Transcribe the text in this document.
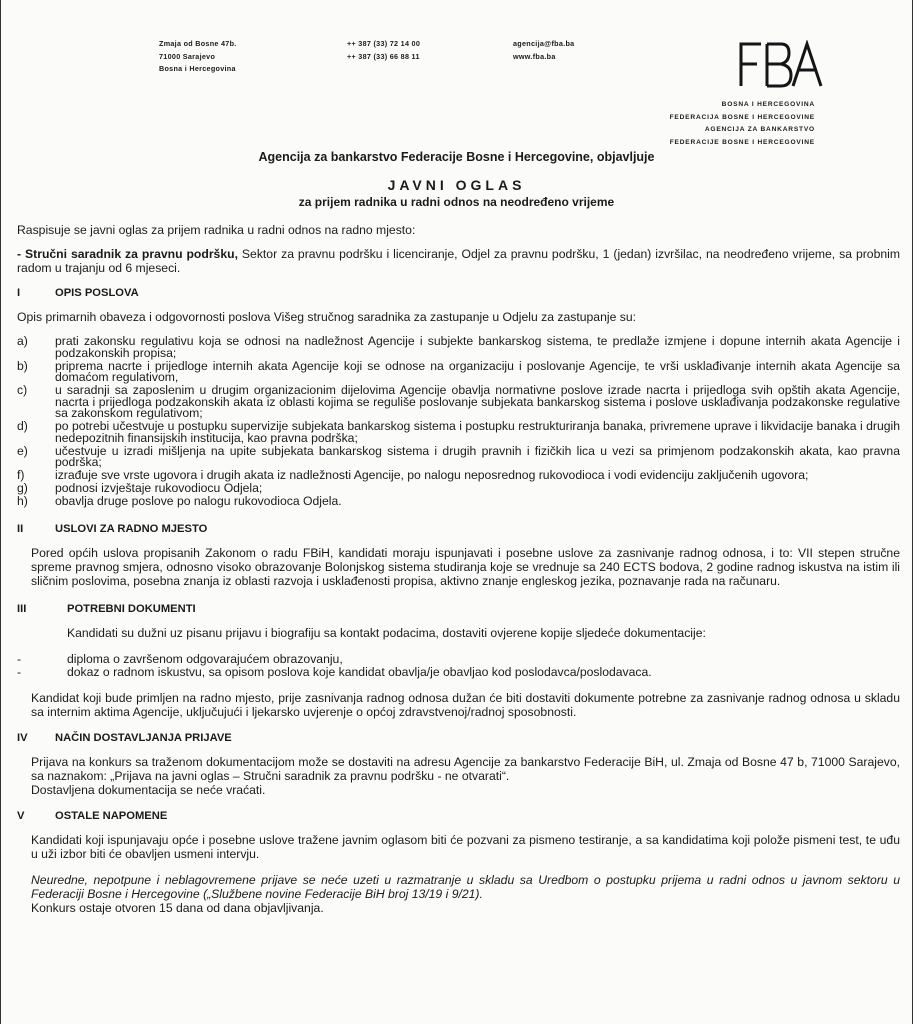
Zmaja od Bosne 47b.
71000 Sarajevo
Bosna i Hercegovina
++ 387 (33) 72 14 00
++ 387 (33) 66 88 11
agencija@fba.ba
www.fba.ba
BOSNA I HERCEGOVINA
FEDERACIJA BOSNE I HERCEGOVINE
AGENCIJA ZA BANKARSTVO
FEDERACIJE BOSNE I HERCEGOVINE
Agencija za bankarstvo Federacije Bosne i Hercegovine, objavljuje
JAVNI OGLAS
za prijem radnika u radni odnos na neodređeno vrijeme

Raspisuje se javni oglas za prijem radnika u radni odnos na radno mjesto:

- Stručni saradnik za pravnu podršku, Sektor za pravnu podršku i licenciranje, Odjel za pravnu podršku, 1 (jedan) izvršilac, na neodređeno vrijeme, sa probnim radom u trajanju od 6 mjeseci.

I	OPIS POSLOVA

Opis primarnih obaveza i odgovornosti poslova Višeg stručnog saradnika za zastupanje u Odjelu za zastupanje su:

a)	prati zakonsku regulativu koja se odnosi na nadležnost Agencije i subjekte bankarskog sistema, te predlaže izmjene i dopune internih akata Agencije i podzakonskih propisa;
b)	priprema nacrte i prijedloge internih akata Agencije koji se odnose na organizaciju i poslovanje Agencije, te vrši usklađivanje internih akata Agencije sa domaćom regulativom,
c)	u saradnji sa zaposlenim u drugim organizacionim dijelovima Agencije obavlja normativne poslove izrade nacrta i prijedloga svih opštih akata Agencije, nacrta i prijedloga podzakonskih akata iz oblasti kojima se reguliše poslovanje subjekata bankarskog sistema i poslove usklađivanja podzakonske regulative sa zakonskom regulativom;
d)	po potrebi učestvuje u postupku supervizije subjekata bankarskog sistema i postupku restrukturiranja banaka, privremene uprave i likvidacije banaka i drugih nedepozitnih finansijskih institucija, kao pravna podrška;
e)	učestvuje u izradi mišljenja na upite subjekata bankarskog sistema i drugih pravnih i fizičkih lica u vezi sa primjenom podzakonskih akata, kao pravna podrška;
f)	izrađuje sve vrste ugovora i drugih akata iz nadležnosti Agencije, po nalogu neposrednog rukovodioca i vodi evidenciju zaključenih ugovora;
g)	podnosi izvještaje rukovodiocu Odjela;
h)	obavlja druge poslove po nalogu rukovodioca Odjela.
II	USLOVI ZA RADNO MJESTO

Pored općih uslova propisanih Zakonom o radu FBiH, kandidati moraju ispunjavati i posebne uslove za zasnivanje radnog odnosa, i to: VII stepen stručne spreme pravnog smjera, odnosno visoko obrazovanje Bolonjskog sistema studiranja koje se vrednuje sa 240 ECTS bodova, 2 godine radnog iskustva na istim ili sličnim poslovima, posebna znanja iz oblasti razvoja i usklađenosti propisa, aktivno znanje engleskog jezika, poznavanje rada na računaru.

III	POTREBNI DOKUMENTI

Kandidati su dužni uz pisanu prijavu i biografiju sa kontakt podacima, dostaviti ovjerene kopije sljedeće dokumentacije:

-	diploma o završenom odgovarajućem obrazovanju,
-	dokaz o radnom iskustvu, sa opisom poslova koje kandidat obavlja/je obavljao kod poslodavca/poslodavaca.

Kandidat koji bude primljen na radno mjesto, prije zasnivanja radnog odnosa dužan će biti dostaviti dokumente potrebne za zasnivanje radnog odnosa u skladu sa internim aktima Agencije, uključujući i ljekarsko uvjerenje o općoj zdravstvenoj/radnoj sposobnosti.

IV	NAČIN DOSTAVLJANJA PRIJAVE

Prijava na konkurs sa traženom dokumentacijom može se dostaviti na adresu Agencije za bankarstvo Federacije BiH, ul. Zmaja od Bosne 47 b, 71000 Sarajevo, sa naznakom: „Prijava na javni oglas – Stručni saradnik za pravnu podršku - ne otvarati“.

Dostavljena dokumentacija se neće vraćati.

V	OSTALE NAPOMENE

Kandidati koji ispunjavaju opće i posebne uslove tražene javnim oglasom biti će pozvani za pismeno testiranje, a sa kandidatima koji polože pismeni test, te uđu u uži izbor biti će obavljen usmeni intervju.

Neuredne, nepotpune i neblagovremene prijave se neće uzeti u razmatranje u skladu sa Uredbom o postupku prijema u radni odnos u javnom sektoru u Federaciji Bosne i Hercegovine („Službene novine Federacije BiH broj 13/19 i 9/21).

Konkurs ostaje otvoren 15 dana od dana objavljivanja.
